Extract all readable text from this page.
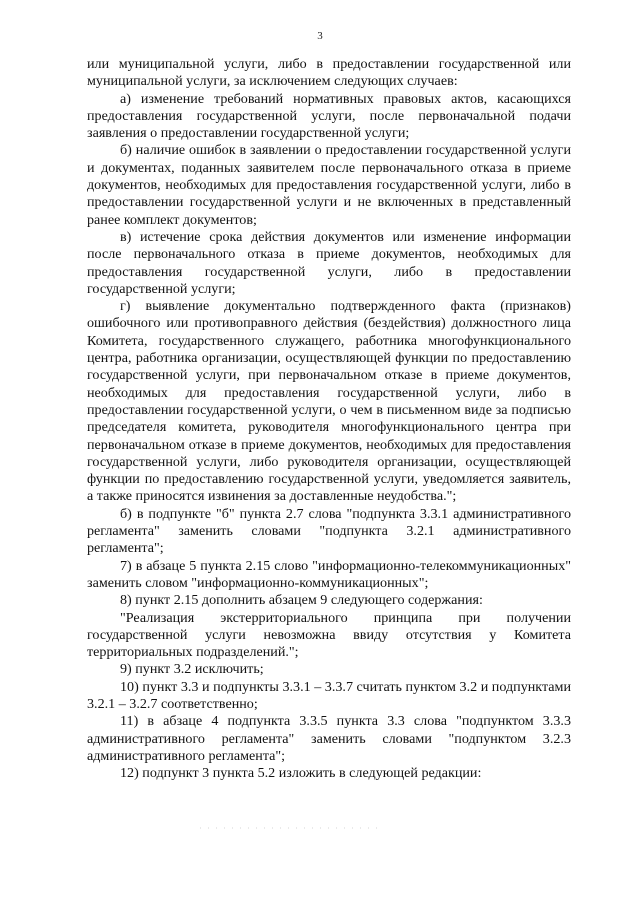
3

или муниципальной услуги, либо в предоставлении государственной или муниципальной услуги, за исключением следующих случаев:

а) изменение требований нормативных правовых актов, касающихся предоставления государственной услуги, после первоначальной подачи заявления о предоставлении государственной услуги;

б) наличие ошибок в заявлении о предоставлении государственной услуги и документах, поданных заявителем после первоначального отказа в приеме документов, необходимых для предоставления государственной услуги, либо в предоставлении государственной услуги и не включенных в представленный ранее комплект документов;

в) истечение срока действия документов или изменение информации после первоначального отказа в приеме документов, необходимых для предоставления государственной услуги, либо в предоставлении государственной услуги;

г) выявление документально подтвержденного факта (признаков) ошибочного или противоправного действия (бездействия) должностного лица Комитета, государственного служащего, работника многофункционального центра, работника организации, осуществляющей функции по предоставлению государственной услуги, при первоначальном отказе в приеме документов, необходимых для предоставления государственной услуги, либо в предоставлении государственной услуги, о чем в письменном виде за подписью председателя комитета, руководителя многофункционального центра при первоначальном отказе в приеме документов, необходимых для предоставления государственной услуги, либо руководителя организации, осуществляющей функции по предоставлению государственной услуги, уведомляется заявитель, а также приносятся извинения за доставленные неудобства.";

б) в подпункте "б" пункта 2.7 слова "подпункта 3.3.1 административного регламента" заменить словами "подпункта 3.2.1 административного регламента";

7) в абзаце 5 пункта 2.15 слово "информационно-телекоммуникационных" заменить словом "информационно-коммуникационных";

8) пункт 2.15 дополнить абзацем 9 следующего содержания:

"Реализация экстерриториального принципа при получении государственной услуги невозможна ввиду отсутствия у Комитета территориальных подразделений.";

9) пункт 3.2 исключить;

10) пункт 3.3 и подпункты 3.3.1 – 3.3.7 считать пунктом 3.2 и подпунктами 3.2.1 – 3.2.7 соответственно;

11) в абзаце 4 подпункта 3.3.5 пункта 3.3 слова "подпунктом 3.3.3 административного регламента" заменить словами "подпунктом 3.2.3 административного регламента";

12) подпункт 3 пункта 5.2 изложить в следующей редакции:
